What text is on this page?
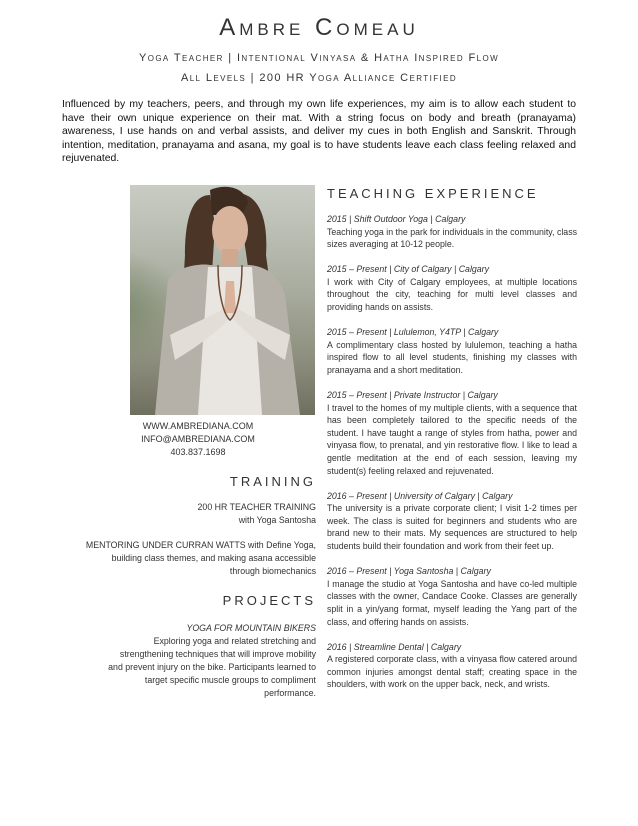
Ambre Comeau
Yoga Teacher | Intentional Vinyasa & Hatha Inspired Flow
All Levels | 200 HR Yoga Alliance Certified
Influenced by my teachers, peers, and through my own life experiences, my aim is to allow each student to have their own unique experience on their mat. With a string focus on body and breath (pranayama) awareness, I use hands on and verbal assists, and deliver my cues in both English and Sanskrit. Through intention, meditation, pranayama and asana, my goal is to have students leave each class feeling relaxed and rejuvenated.
WWW.AMBREDIANA.COM
INFO@AMBREDIANA.COM
403.837.1698
TRAINING
200 HR TEACHER TRAINING
with Yoga Santosha
MENTORING UNDER CURRAN WATTS with Define Yoga,
building class themes, and making asana accessible
through biomechanics
PROJECTS
YOGA FOR MOUNTAIN BIKERS
Exploring yoga and related stretching and
strengthening techniques that will improve mobility
and prevent injury on the bike. Participants learned to
target specific muscle groups to compliment
performance.
TEACHING EXPERIENCE
2015 | Shift Outdoor Yoga | Calgary
Teaching yoga in the park for individuals in the community, class sizes averaging at 10-12 people.
2015 – Present | City of Calgary | Calgary
I work with City of Calgary employees, at multiple locations throughout the city, teaching for multi level classes and providing hands on assists.
2015 – Present | Lululemon, Y4TP | Calgary
A complimentary class hosted by lululemon, teaching a hatha inspired flow to all level students, finishing my classes with pranayama and a short meditation.
2015 – Present | Private Instructor | Calgary
I travel to the homes of my multiple clients, with a sequence that has been completely tailored to the specific needs of the student. I have taught a range of styles from hatha, power and vinyasa flow, to prenatal, and yin restorative flow. I like to lead a gentle meditation at the end of each session, leaving my student(s) feeling relaxed and rejuvenated.
2016 – Present | University of Calgary | Calgary
The university is a private corporate client; I visit 1-2 times per week. The class is suited for beginners and students who are brand new to their mats. My sequences are structured to help students build their foundation and work from their feet up.
2016 – Present | Yoga Santosha | Calgary
I manage the studio at Yoga Santosha and have co-led multiple classes with the owner, Candace Cooke. Classes are generally split in a yin/yang format, myself leading the Yang part of the class, and offering hands on assists.
2016 | Streamline Dental | Calgary
A registered corporate class, with a vinyasa flow catered around common injuries amongst dental staff; creating space in the shoulders, with work on the upper back, neck, and wrists.
